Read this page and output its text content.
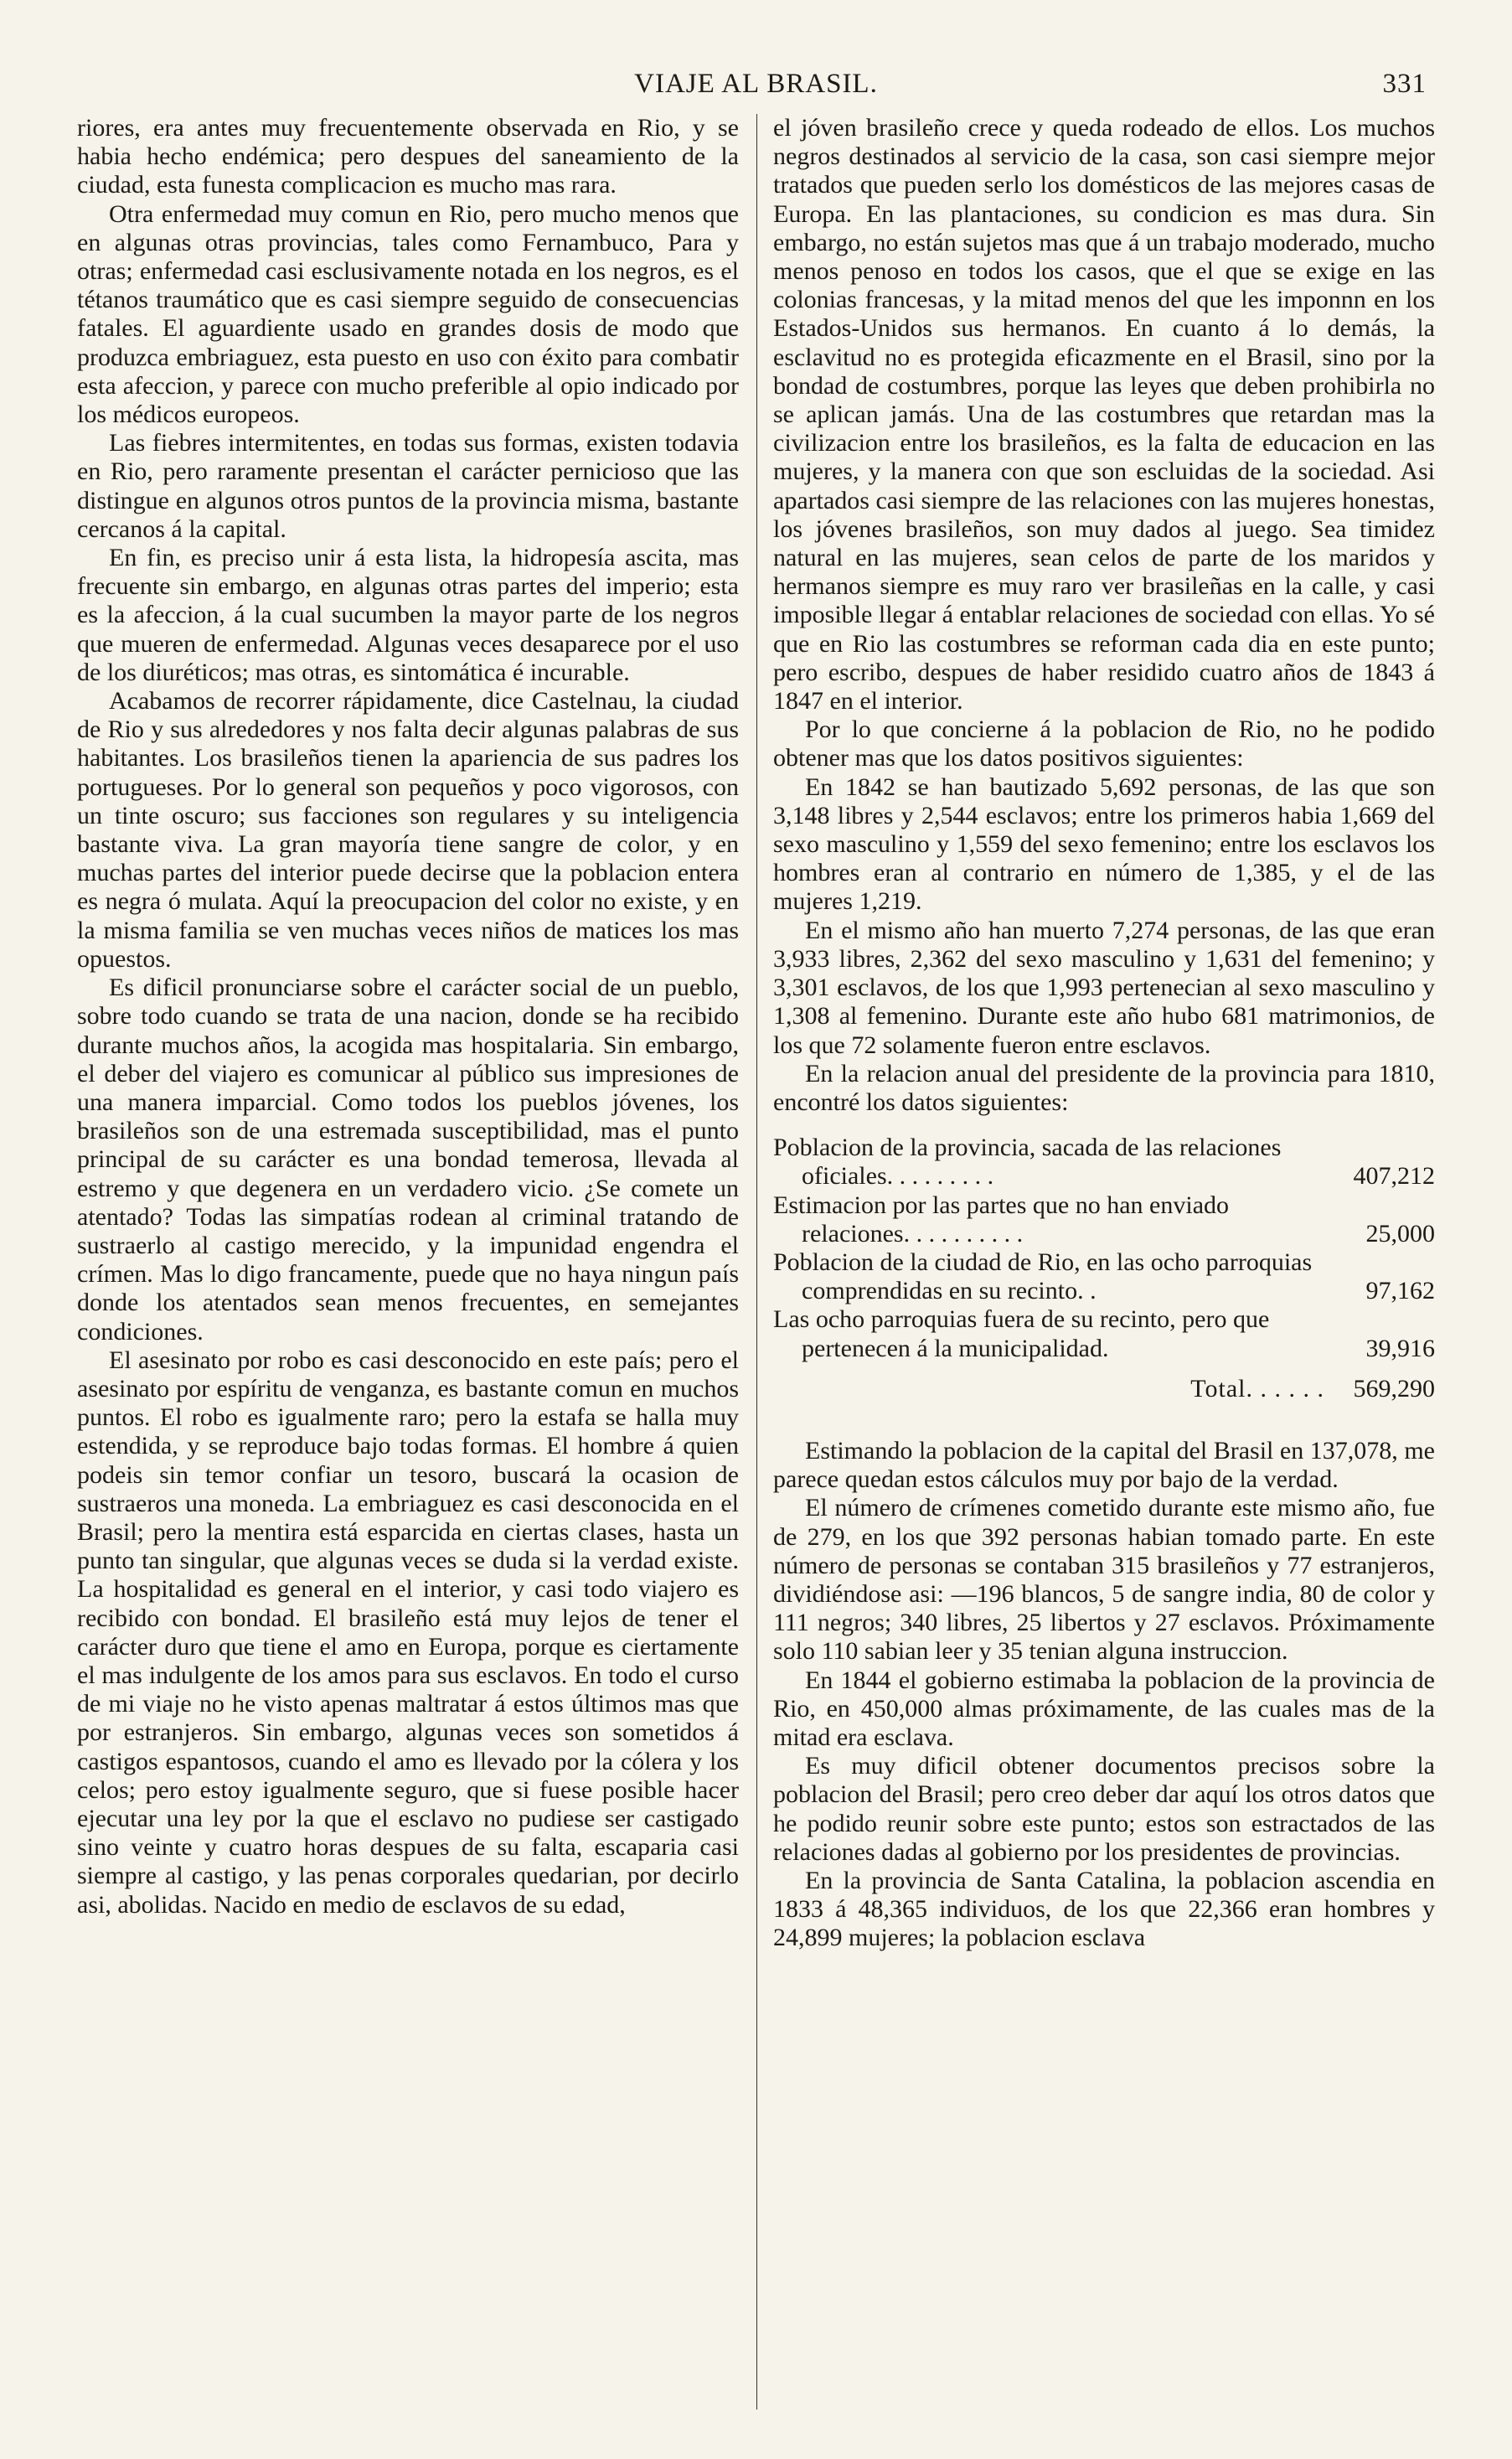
VIAJE AL BRASIL.	331

riores, era antes muy frecuentemente observada en Rio, y se habia hecho endémica; pero despues del saneamiento de la ciudad, esta funesta complicacion es mucho mas rara.

Otra enfermedad muy comun en Rio, pero mucho menos que en algunas otras provincias, tales como Fernambuco, Para y otras; enfermedad casi esclusivamente notada en los negros, es el tétanos traumático que es casi siempre seguido de consecuencias fatales. El aguardiente usado en grandes dosis de modo que produzca embriaguez, esta puesto en uso con éxito para combatir esta afeccion, y parece con mucho preferible al opio indicado por los médicos europeos.

Las fiebres intermitentes, en todas sus formas, existen todavia en Rio, pero raramente presentan el carácter pernicioso que las distingue en algunos otros puntos de la provincia misma, bastante cercanos á la capital.

En fin, es preciso unir á esta lista, la hidropesía ascita, mas frecuente sin embargo, en algunas otras partes del imperio; esta es la afeccion, á la cual sucumben la mayor parte de los negros que mueren de enfermedad. Algunas veces desaparece por el uso de los diuréticos; mas otras, es sintomática é incurable.

Acabamos de recorrer rápidamente, dice Castelnau, la ciudad de Rio y sus alrededores y nos falta decir algunas palabras de sus habitantes. Los brasileños tienen la apariencia de sus padres los portugueses. Por lo general son pequeños y poco vigorosos, con un tinte oscuro; sus facciones son regulares y su inteligencia bastante viva. La gran mayoría tiene sangre de color, y en muchas partes del interior puede decirse que la poblacion entera es negra ó mulata. Aquí la preocupacion del color no existe, y en la misma familia se ven muchas veces niños de matices los mas opuestos.

Es dificil pronunciarse sobre el carácter social de un pueblo, sobre todo cuando se trata de una nacion, donde se ha recibido durante muchos años, la acogida mas hospitalaria. Sin embargo, el deber del viajero es comunicar al público sus impresiones de una manera imparcial. Como todos los pueblos jóvenes, los brasileños son de una estremada susceptibilidad, mas el punto principal de su carácter es una bondad temerosa, llevada al estremo y que degenera en un verdadero vicio. ¿Se comete un atentado? Todas las simpatías rodean al criminal tratando de sustraerlo al castigo merecido, y la impunidad engendra el crímen. Mas lo digo francamente, puede que no haya ningun país donde los atentados sean menos frecuentes, en semejantes condiciones.

El asesinato por robo es casi desconocido en este país; pero el asesinato por espíritu de venganza, es bastante comun en muchos puntos. El robo es igualmente raro; pero la estafa se halla muy estendida, y se reproduce bajo todas formas. El hombre á quien podeis sin temor confiar un tesoro, buscará la ocasion de sustraeros una moneda. La embriaguez es casi desconocida en el Brasil; pero la mentira está esparcida en ciertas clases, hasta un punto tan singular, que algunas veces se duda si la verdad existe. La hospitalidad es general en el interior, y casi todo viajero es recibido con bondad. El brasileño está muy lejos de tener el carácter duro que tiene el amo en Europa, porque es ciertamente el mas indulgente de los amos para sus esclavos. En todo el curso de mi viaje no he visto apenas maltratar á estos últimos mas que por estranjeros. Sin embargo, algunas veces son sometidos á castigos espantosos, cuando el amo es llevado por la cólera y los celos; pero estoy igualmente seguro, que si fuese posible hacer ejecutar una ley por la que el esclavo no pudiese ser castigado sino veinte y cuatro horas despues de su falta, escaparia casi siempre al castigo, y las penas corporales quedarian, por decirlo asi, abolidas. Nacido en medio de esclavos de su edad,

el jóven brasileño crece y queda rodeado de ellos. Los muchos negros destinados al servicio de la casa, son casi siempre mejor tratados que pueden serlo los domésticos de las mejores casas de Europa. En las plantaciones, su condicion es mas dura. Sin embargo, no están sujetos mas que á un trabajo moderado, mucho menos penoso en todos los casos, que el que se exige en las colonias francesas, y la mitad menos del que les imponnn en los Estados-Unidos sus hermanos. En cuanto á lo demás, la esclavitud no es protegida eficazmente en el Brasil, sino por la bondad de costumbres, porque las leyes que deben prohibirla no se aplican jamás. Una de las costumbres que retardan mas la civilizacion entre los brasileños, es la falta de educacion en las mujeres, y la manera con que son escluidas de la sociedad. Asi apartados casi siempre de las relaciones con las mujeres honestas, los jóvenes brasileños, son muy dados al juego. Sea timidez natural en las mujeres, sean celos de parte de los maridos y hermanos siempre es muy raro ver brasileñas en la calle, y casi imposible llegar á entablar relaciones de sociedad con ellas. Yo sé que en Rio las costumbres se reforman cada dia en este punto; pero escribo, despues de haber residido cuatro años de 1843 á 1847 en el interior.

Por lo que concierne á la poblacion de Rio, no he podido obtener mas que los datos positivos siguientes:

En 1842 se han bautizado 5,692 personas, de las que son 3,148 libres y 2,544 esclavos; entre los primeros habia 1,669 del sexo masculino y 1,559 del sexo femenino; entre los esclavos los hombres eran al contrario en número de 1,385, y el de las mujeres 1,219.

En el mismo año han muerto 7,274 personas, de las que eran 3,933 libres, 2,362 del sexo masculino y 1,631 del femenino; y 3,301 esclavos, de los que 1,993 pertenecian al sexo masculino y 1,308 al femenino. Durante este año hubo 681 matrimonios, de los que 72 solamente fueron entre esclavos.

En la relacion anual del presidente de la provincia para 1810, encontré los datos siguientes:

Poblacion de la provincia, sacada de las relaciones oficiales. . . . . . . . .	407,212
Estimacion por las partes que no han enviado relaciones. . . . . . . . . .	25,000
Poblacion de la ciudad de Rio, en las ocho parroquias comprendidas en su recinto. .	97,162
Las ocho parroquias fuera de su recinto, pero que pertenecen á la municipalidad.	39,916
Total. . . . . .	569,290

Estimando la poblacion de la capital del Brasil en 137,078, me parece quedan estos cálculos muy por bajo de la verdad.

El número de crímenes cometido durante este mismo año, fue de 279, en los que 392 personas habian tomado parte. En este número de personas se contaban 315 brasileños y 77 estranjeros, dividiéndose asi: —196 blancos, 5 de sangre india, 80 de color y 111 negros; 340 libres, 25 libertos y 27 esclavos. Próximamente solo 110 sabian leer y 35 tenian alguna instruccion.

En 1844 el gobierno estimaba la poblacion de la provincia de Rio, en 450,000 almas próximamente, de las cuales mas de la mitad era esclava.

Es muy dificil obtener documentos precisos sobre la poblacion del Brasil; pero creo deber dar aquí los otros datos que he podido reunir sobre este punto; estos son estractados de las relaciones dadas al gobierno por los presidentes de provincias.

En la provincia de Santa Catalina, la poblacion ascendia en 1833 á 48,365 individuos, de los que 22,366 eran hombres y 24,899 mujeres; la poblacion esclava
